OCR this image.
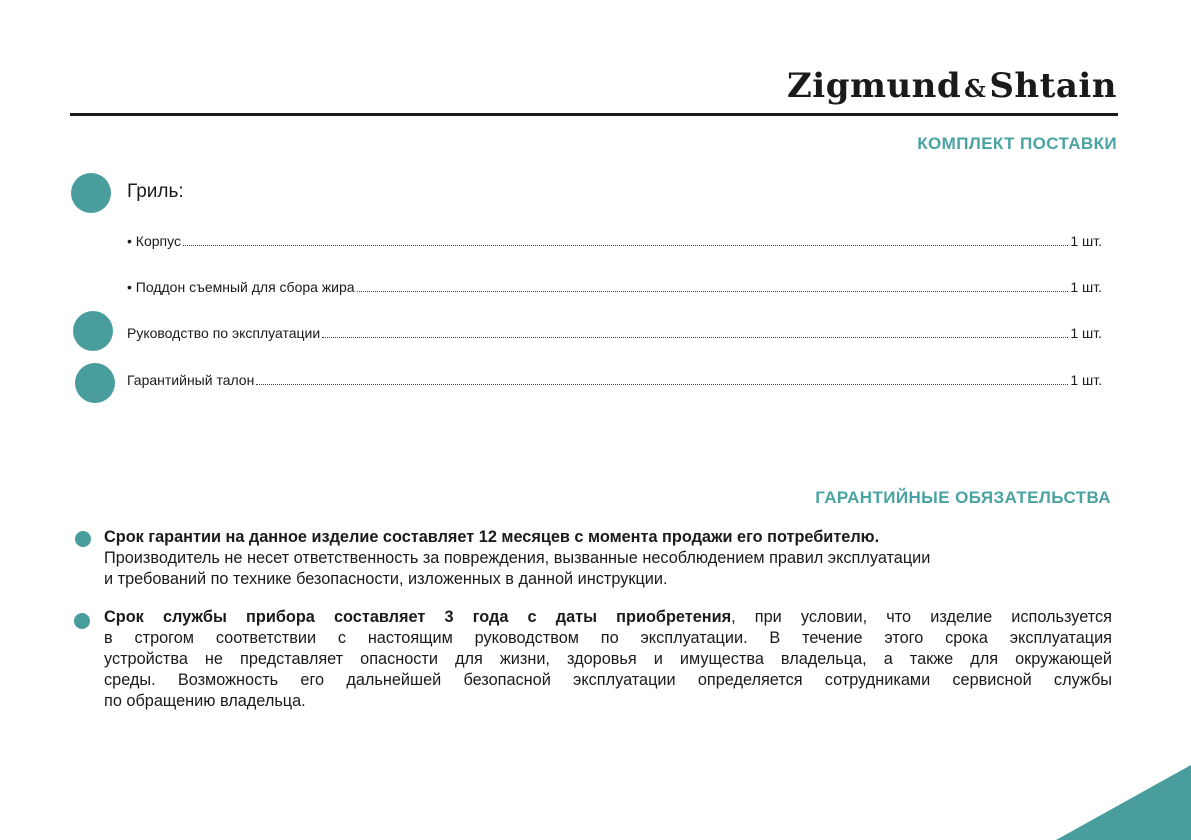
Zigmund &Shtain
КОМПЛЕКТ ПОСТАВКИ
Гриль:
• Корпус	1 шт.
• Поддон съемный для сбора жира	1 шт.
Руководство по эксплуатации	1 шт.
Гарантийный талон	1 шт.
ГАРАНТИЙНЫЕ ОБЯЗАТЕЛЬСТВА

Срок гарантии на данное изделие составляет 12 месяцев с момента продажи его потребителю.

Производитель не несет ответственность за повреждения, вызванные несоблюдением правил эксплуатации

и требований по технике безопасности, изложенных в данной инструкции.

Срок службы прибора составляет 3 года с даты приобретения, при условии, что изделие используется

в строгом соответствии с настоящим руководством по эксплуатации. В течение этого срока эксплуатация

устройства не представляет опасности для жизни, здоровья и имущества владельца, а также для окружающей

среды. Возможность его дальнейшей безопасной эксплуатации определяется сотрудниками сервисной службы

по обращению владельца.
